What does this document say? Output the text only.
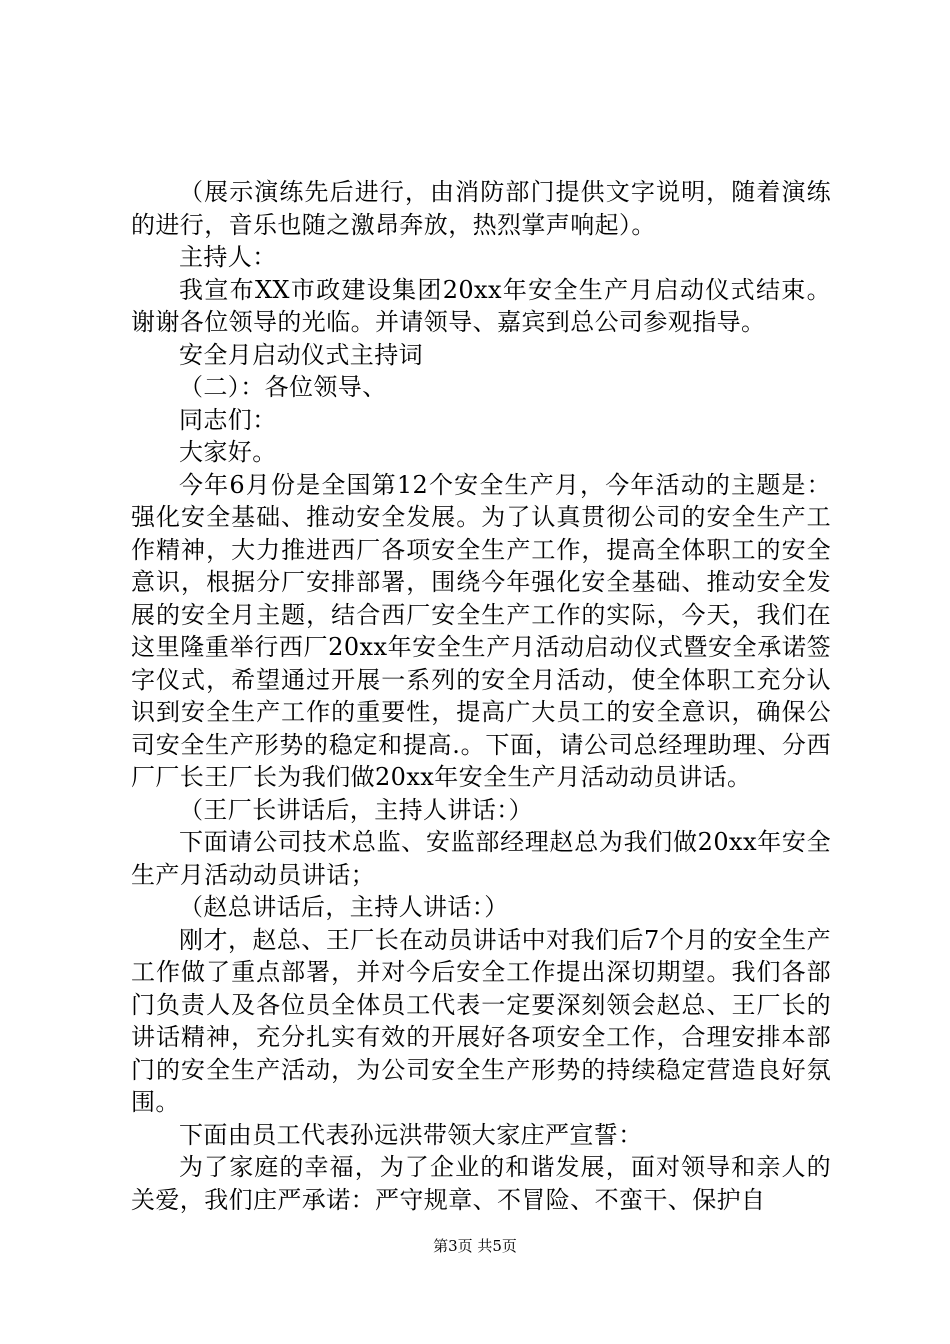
（展示演练先后进行，由消防部门提供文字说明，随着演练的进行，音乐也随之激昂奔放，热烈掌声响起）。

主持人：

我宣布XX市政建设集团20xx年安全生产月启动仪式结束。谢谢各位领导的光临。并请领导、嘉宾到总公司参观指导。

安全月启动仪式主持词

（二）：各位领导、

同志们：

大家好。

今年6月份是全国第12个安全生产月，今年活动的主题是：强化安全基础、推动安全发展。为了认真贯彻公司的安全生产工作精神，大力推进西厂各项安全生产工作，提高全体职工的安全意识，根据分厂安排部署，围绕今年强化安全基础、推动安全发展的安全月主题，结合西厂安全生产工作的实际，今天，我们在这里隆重举行西厂20xx年安全生产月活动启动仪式暨安全承诺签字仪式，希望通过开展一系列的安全月活动，使全体职工充分认识到安全生产工作的重要性，提高广大员工的安全意识，确保公司安全生产形势的稳定和提高.。下面，请公司总经理助理、分西厂厂长王厂长为我们做20xx年安全生产月活动动员讲话。

（王厂长讲话后，主持人讲话：）

下面请公司技术总监、安监部经理赵总为我们做20xx年安全生产月活动动员讲话；

（赵总讲话后，主持人讲话：）

刚才，赵总、王厂长在动员讲话中对我们后7个月的安全生产工作做了重点部署，并对今后安全工作提出深切期望。我们各部门负责人及各位员全体员工代表一定要深刻领会赵总、王厂长的讲话精神，充分扎实有效的开展好各项安全工作，合理安排本部门的安全生产活动，为公司安全生产形势的持续稳定营造良好氛围。

下面由员工代表孙远洪带领大家庄严宣誓：

为了家庭的幸福，为了企业的和谐发展，面对领导和亲人的关爱，我们庄严承诺：严守规章、不冒险、不蛮干、保护自

第3页 共5页
